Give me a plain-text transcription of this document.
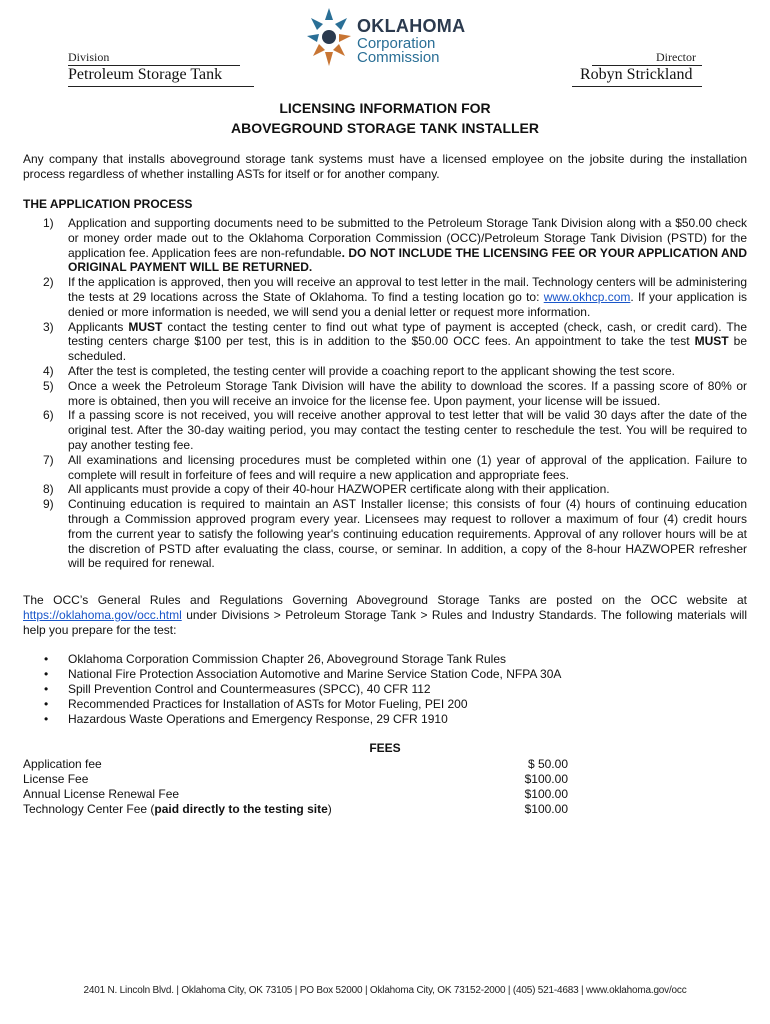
Division
Petroleum Storage Tank
Director
Robyn Strickland
OKLAHOMA
Corporation
Commission
LICENSING INFORMATION FOR
ABOVEGROUND STORAGE TANK INSTALLER
Any company that installs aboveground storage tank systems must have a licensed employee on the jobsite during the installation process regardless of whether installing ASTs for itself or for another company.
THE APPLICATION PROCESS
1) Application and supporting documents need to be submitted to the Petroleum Storage Tank Division along with a $50.00 check or money order made out to the Oklahoma Corporation Commission (OCC)/Petroleum Storage Tank Division (PSTD) for the application fee. Application fees are non-refundable. DO NOT INCLUDE THE LICENSING FEE OR YOUR APPLICATION AND ORIGINAL PAYMENT WILL BE RETURNED.
2) If the application is approved, then you will receive an approval to test letter in the mail. Technology centers will be administering the tests at 29 locations across the State of Oklahoma. To find a testing location go to: www.okhcp.com. If your application is denied or more information is needed, we will send you a denial letter or request more information.
3) Applicants MUST contact the testing center to find out what type of payment is accepted (check, cash, or credit card). The testing centers charge $100 per test, this is in addition to the $50.00 OCC fees. An appointment to take the test MUST be scheduled.
4) After the test is completed, the testing center will provide a coaching report to the applicant showing the test score.
5) Once a week the Petroleum Storage Tank Division will have the ability to download the scores. If a passing score of 80% or more is obtained, then you will receive an invoice for the license fee. Upon payment, your license will be issued.
6) If a passing score is not received, you will receive another approval to test letter that will be valid 30 days after the date of the original test. After the 30-day waiting period, you may contact the testing center to reschedule the test. You will be required to pay another testing fee.
7) All examinations and licensing procedures must be completed within one (1) year of approval of the application. Failure to complete will result in forfeiture of fees and will require a new application and appropriate fees.
8) All applicants must provide a copy of their 40-hour HAZWOPER certificate along with their application.
9) Continuing education is required to maintain an AST Installer license; this consists of four (4) hours of continuing education through a Commission approved program every year. Licensees may request to rollover a maximum of four (4) credit hours from the current year to satisfy the following year's continuing education requirements. Approval of any rollover hours will be at the discretion of PSTD after evaluating the class, course, or seminar. In addition, a copy of the 8-hour HAZWOPER refresher will be required for renewal.
The OCC’s General Rules and Regulations Governing Aboveground Storage Tanks are posted on the OCC website at https://oklahoma.gov/occ.html under Divisions > Petroleum Storage Tank > Rules and Industry Standards. The following materials will help you prepare for the test:
• Oklahoma Corporation Commission Chapter 26, Aboveground Storage Tank Rules
• National Fire Protection Association Automotive and Marine Service Station Code, NFPA 30A
• Spill Prevention Control and Countermeasures (SPCC), 40 CFR 112
• Recommended Practices for Installation of ASTs for Motor Fueling, PEI 200
• Hazardous Waste Operations and Emergency Response, 29 CFR 1910
FEES
Application fee	$ 50.00
License Fee	$100.00
Annual License Renewal Fee	$100.00
Technology Center Fee (paid directly to the testing site)	$100.00
2401 N. Lincoln Blvd. | Oklahoma City, OK 73105 | PO Box 52000 | Oklahoma City, OK 73152-2000 | (405) 521-4683 | www.oklahoma.gov/occ
